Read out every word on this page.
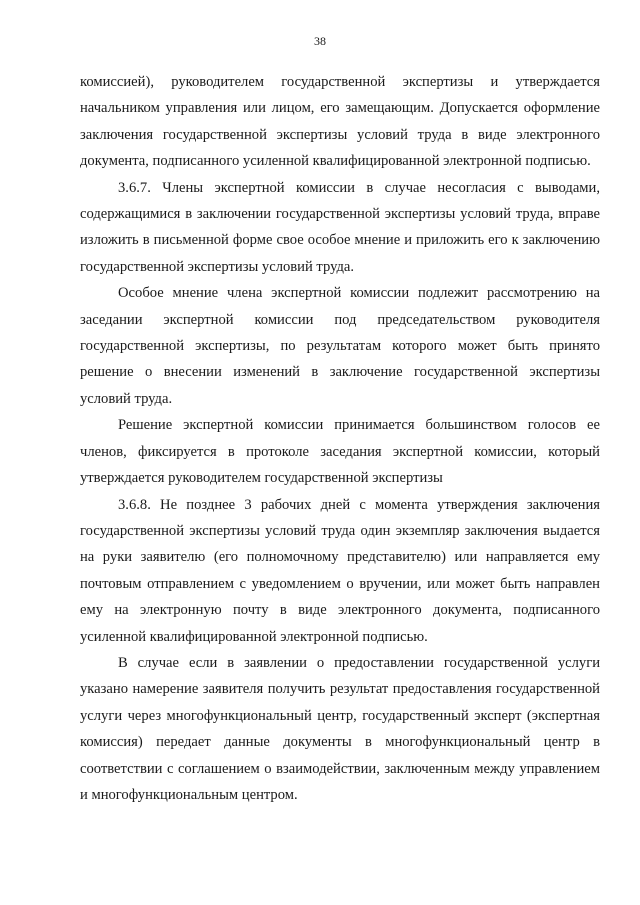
38

комиссией), руководителем государственной экспертизы и утверждается начальником управления или лицом, его замещающим. Допускается оформление заключения государственной экспертизы условий труда в виде электронного документа, подписанного усиленной квалифицированной электронной подписью.

3.6.7. Члены экспертной комиссии в случае несогласия с выводами, содержащимися в заключении государственной экспертизы условий труда, вправе изложить в письменной форме свое особое мнение и приложить его к заключению государственной экспертизы условий труда.

Особое мнение члена экспертной комиссии подлежит рассмотрению на заседании экспертной комиссии под председательством руководителя государственной экспертизы, по результатам которого может быть принято решение о внесении изменений в заключение государственной экспертизы условий труда.

Решение экспертной комиссии принимается большинством голосов ее членов, фиксируется в протоколе заседания экспертной комиссии, который утверждается руководителем государственной экспертизы

3.6.8. Не позднее 3 рабочих дней с момента утверждения заключения государственной экспертизы условий труда один экземпляр заключения выдается на руки заявителю (его полномочному представителю) или направляется ему почтовым отправлением с уведомлением о вручении, или может быть направлен ему на электронную почту в виде электронного документа, подписанного усиленной квалифицированной электронной подписью.

В случае если в заявлении о предоставлении государственной услуги указано намерение заявителя получить результат предоставления государственной услуги через многофункциональный центр, государственный эксперт (экспертная комиссия) передает данные документы в многофункциональный центр в соответствии с соглашением о взаимодействии, заключенным между управлением и многофункциональным центром.
